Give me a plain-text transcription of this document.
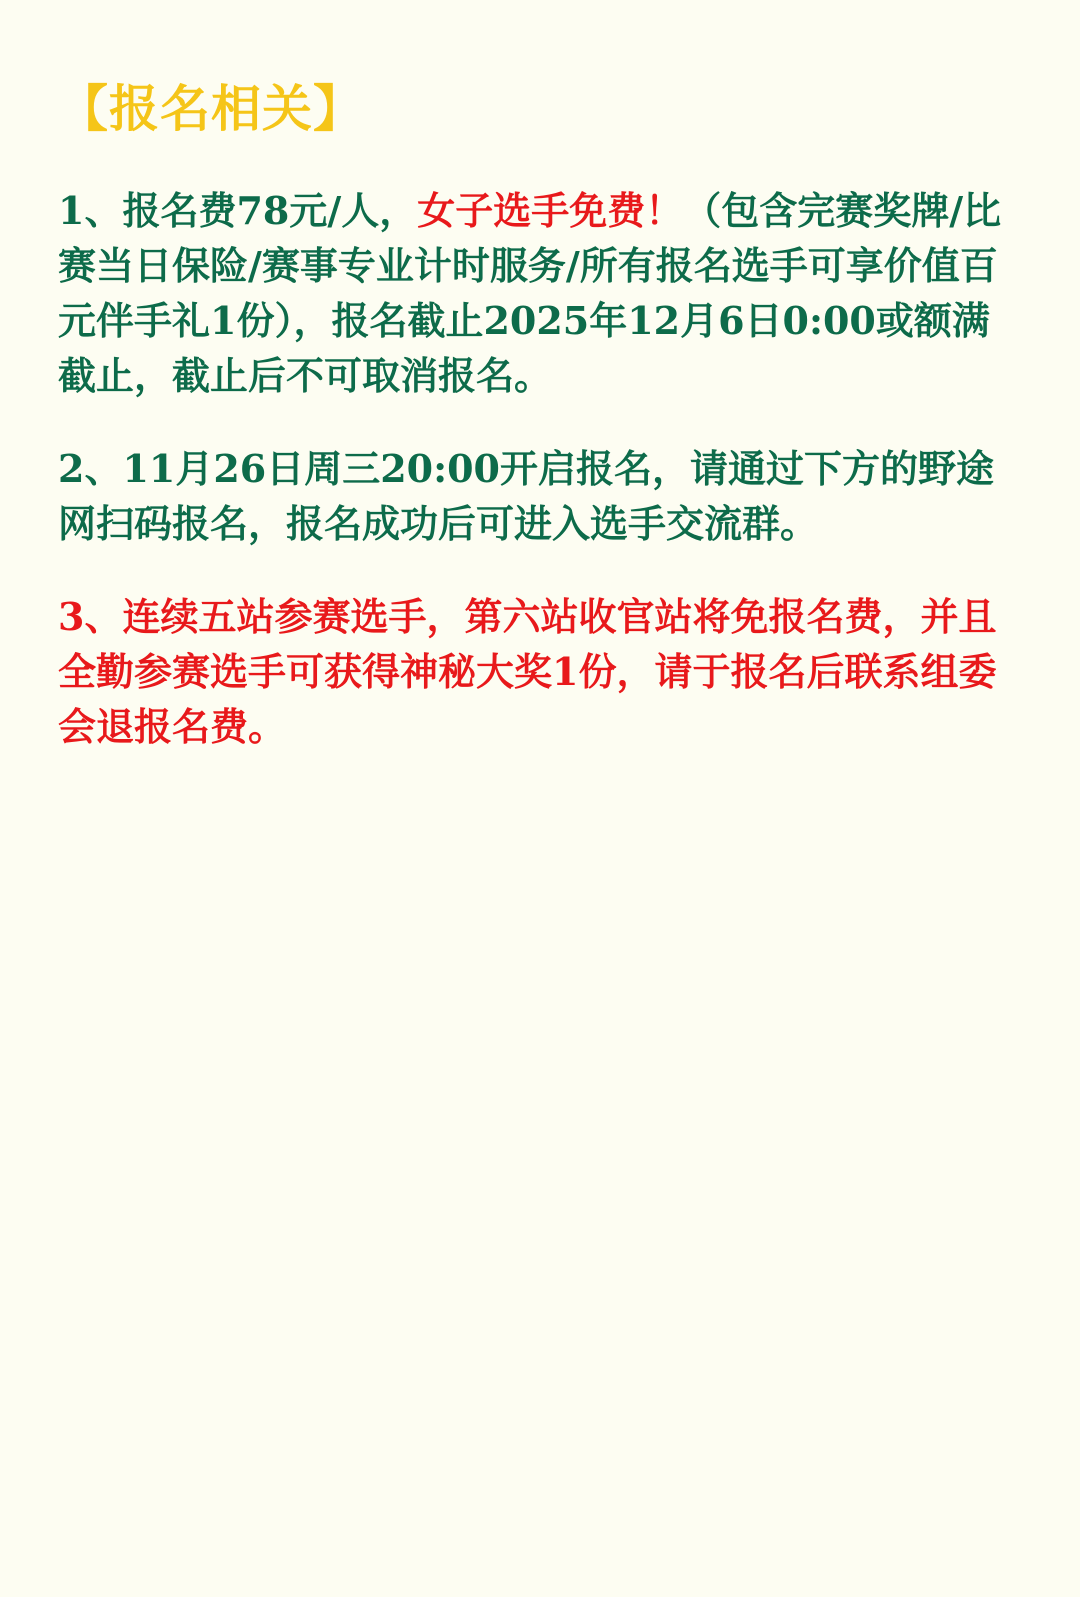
【报名相关】

1、报名费78元/人，女子选手免费！（包含完赛奖牌/比赛当日保险/赛事专业计时服务/所有报名选手可享价值百元伴手礼1份），报名截止2025年12月6日0:00或额满截止，截止后不可取消报名。

2、11月26日周三20:00开启报名，请通过下方的野途网扫码报名，报名成功后可进入选手交流群。

3、连续五站参赛选手，第六站收官站将免报名费，并且全勤参赛选手可获得神秘大奖1份，请于报名后联系组委会退报名费。
